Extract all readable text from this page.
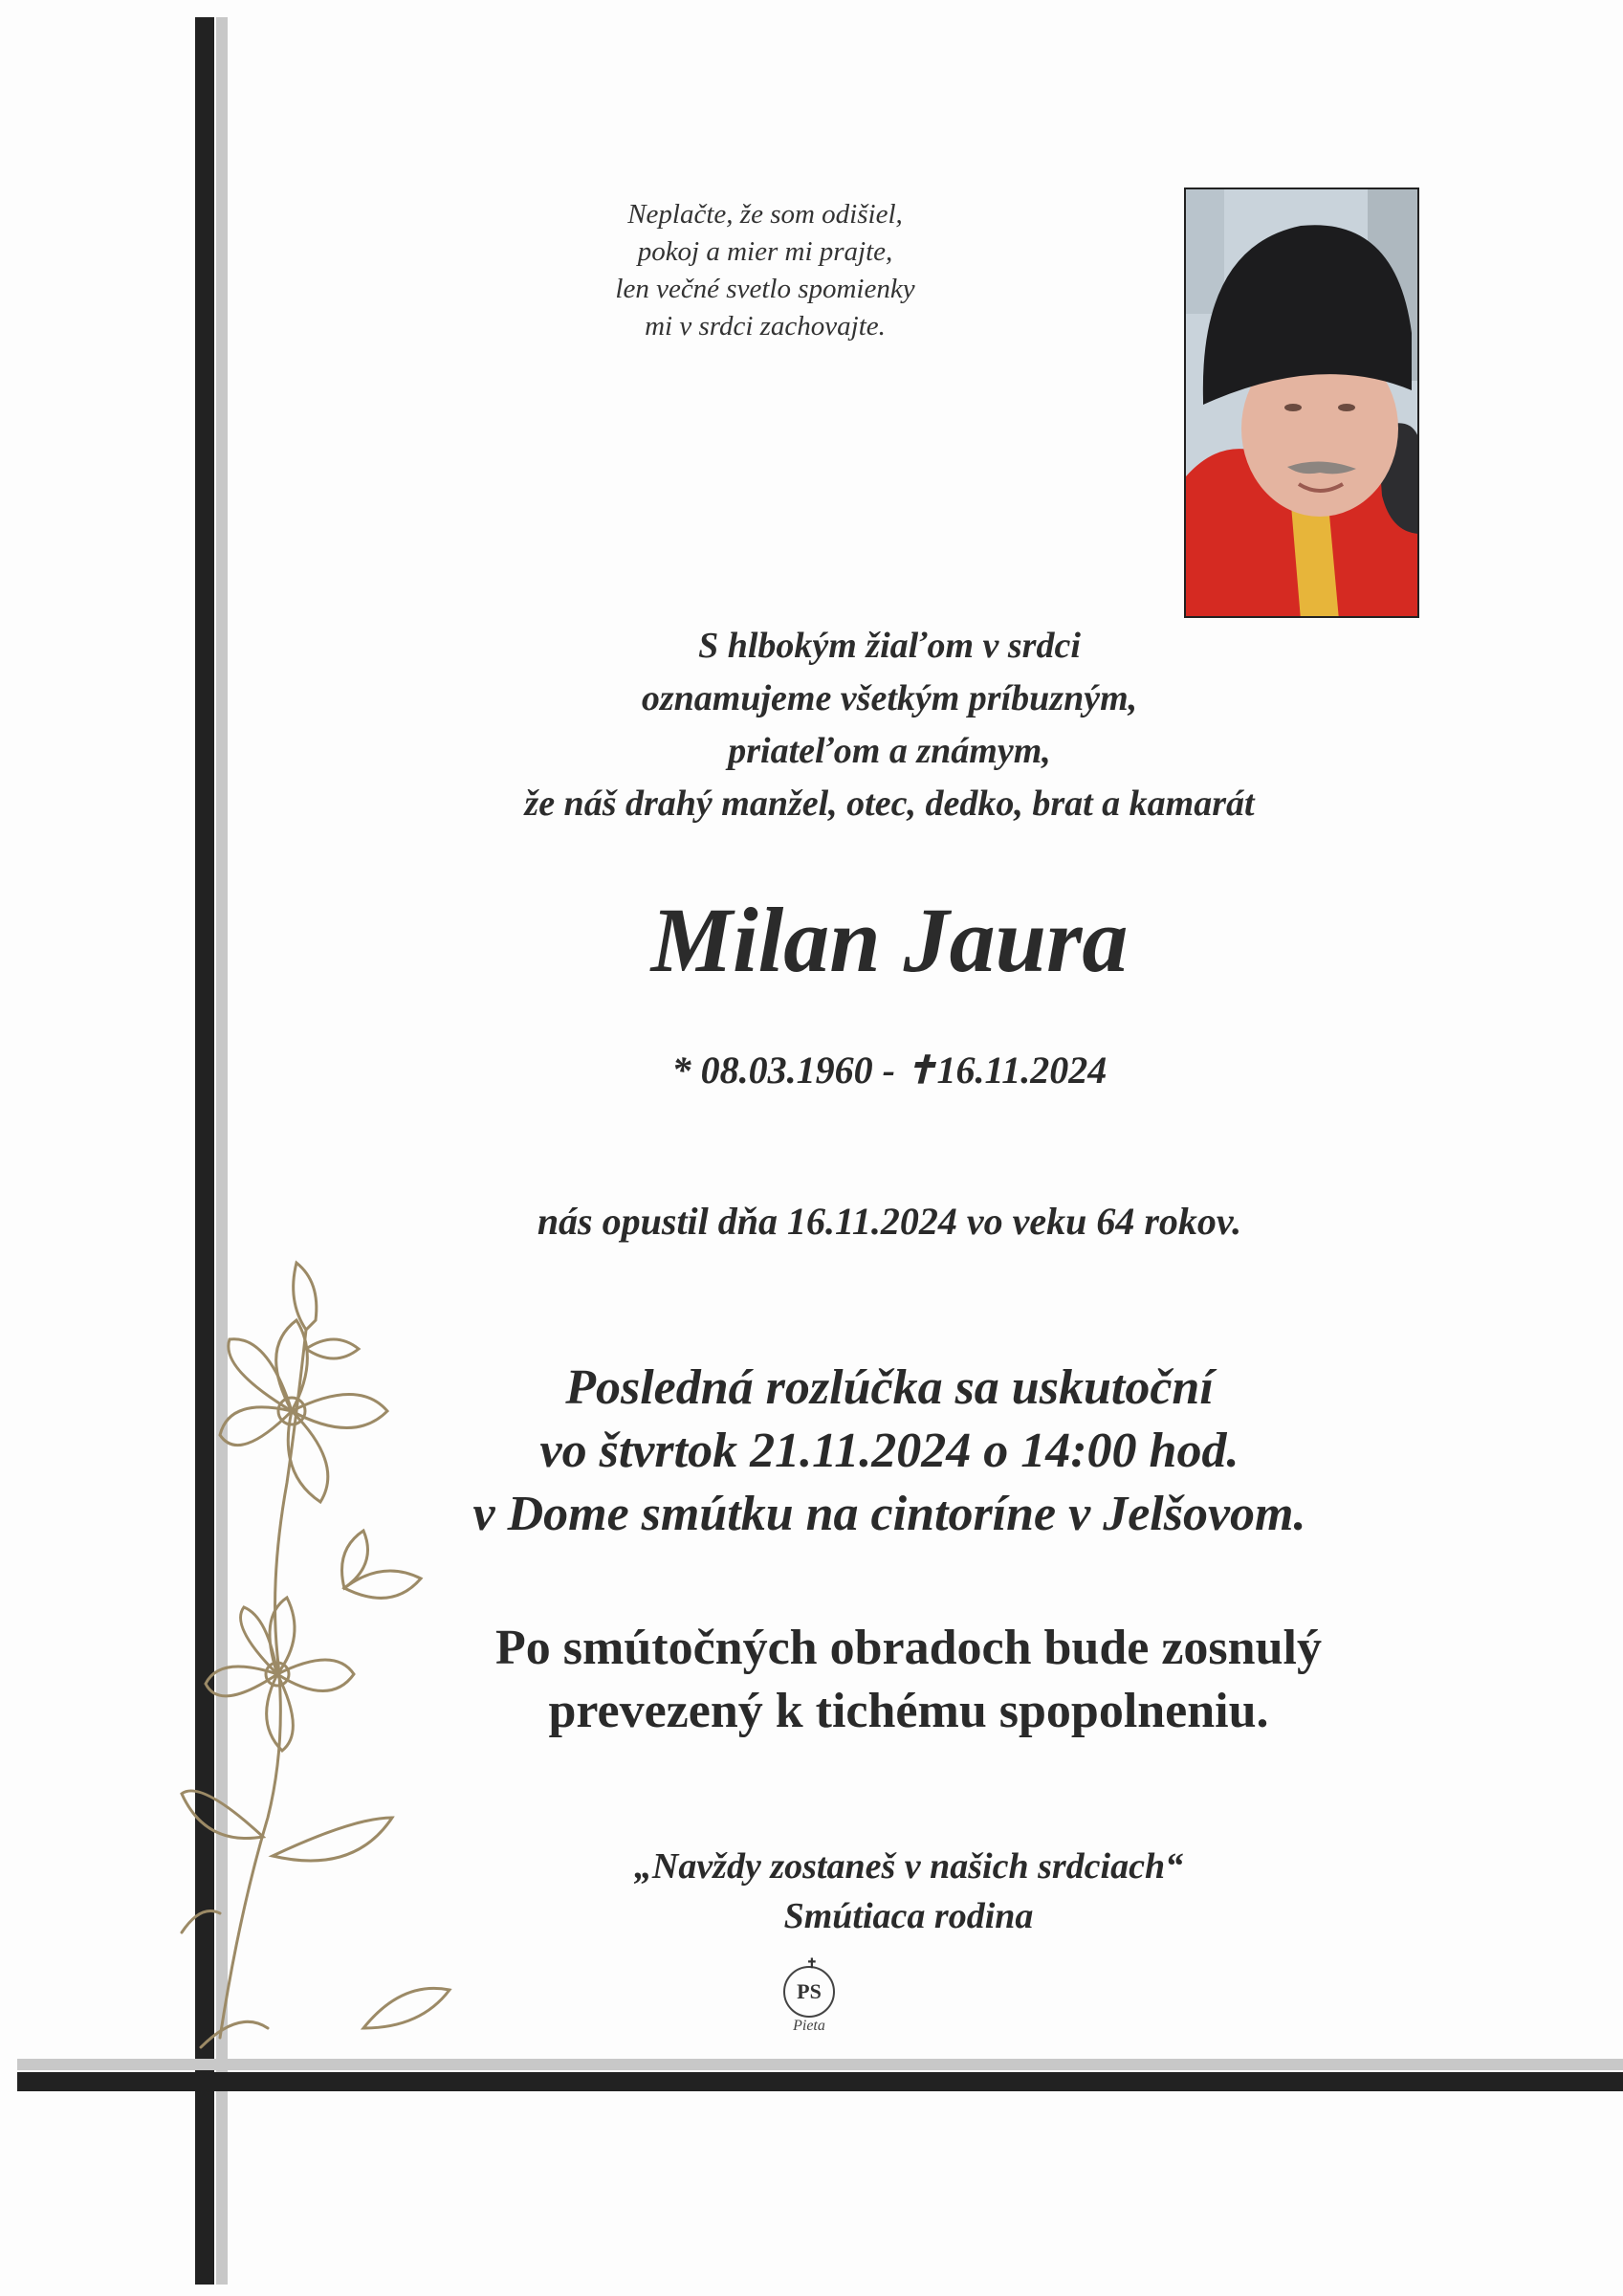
Neplačte, že som odišiel,
pokoj a mier mi prajte,
len večné svetlo spomienky
mi v srdci zachovajte.
S hlbokým žiaľom v srdci
oznamujeme všetkým príbuzným,
priateľom a známym,
že náš drahý manžel, otec, dedko, brat a kamarát
Milan Jaura
* 08.03.1960 - ✝16.11.2024
nás opustil dňa 16.11.2024 vo veku 64 rokov.
Posledná rozlúčka sa uskutoční
vo štvrtok 21.11.2024 o 14:00 hod.
v Dome smútku na cintoríne v Jelšovom.
Po smútočných obradoch bude zosnulý
prevezený k tichému spopolneniu.
„Navždy zostaneš v našich srdciach“
Smútiaca rodina
✝
PS
Pieta
